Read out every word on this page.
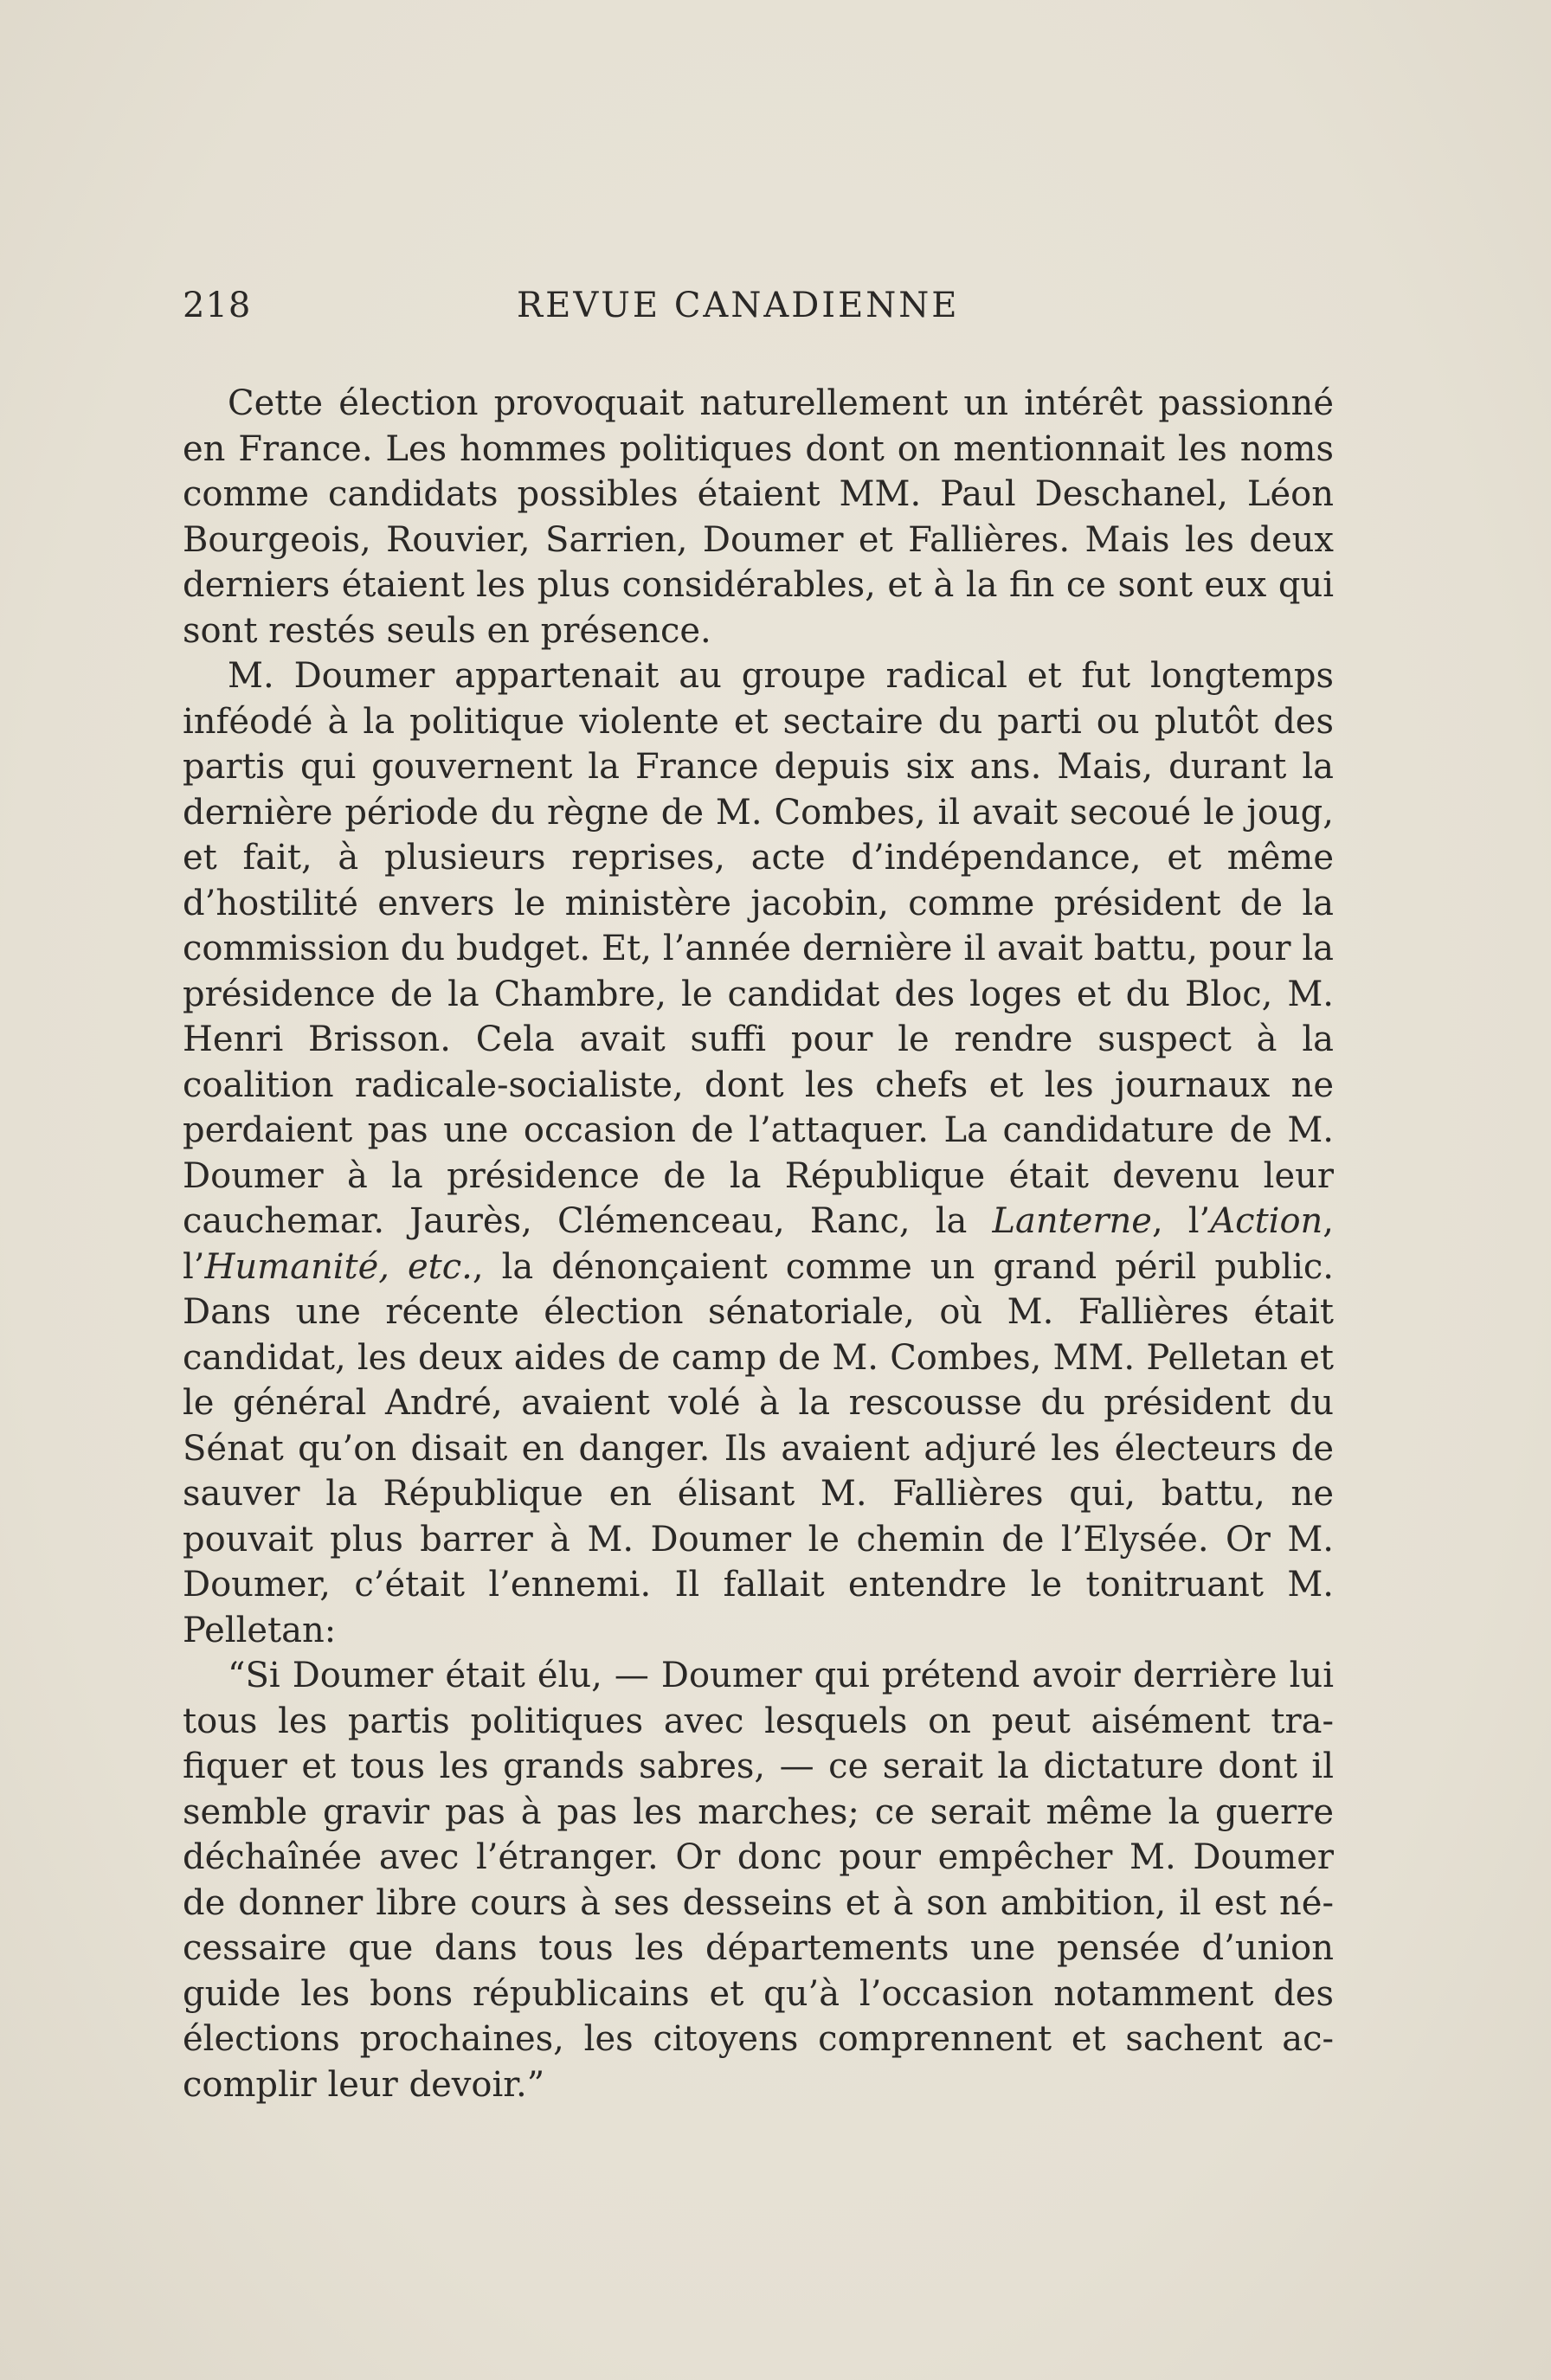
218	REVUE CANADIENNE

Cette élection provoquait naturellement un intérêt passionné en France. Les hommes politiques dont on mentionnait les noms comme candidats possibles étaient MM. Paul Deschanel, Léon Bourgeois, Rouvier, Sarrien, Doumer et Fallières. Mais les deux derniers étaient les plus considérables, et à la fin ce sont eux qui sont restés seuls en présence.

M. Doumer appartenait au groupe radical et fut longtemps inféodé à la politique violente et sectaire du parti ou plutôt des partis qui gouvernent la France depuis six ans. Mais, durant la dernière période du règne de M. Combes, il avait secoué le joug, et fait, à plusieurs reprises, acte d’indépendance, et même d’hostilité envers le ministère jacobin, comme président de la commission du budget. Et, l’année dernière il avait battu, pour la présidence de la Chambre, le candidat des loges et du Bloc, M. Henri Brisson. Cela avait suffi pour le rendre suspect à la coalition radicale-socialiste, dont les chefs et les journaux ne perdaient pas une occasion de l’attaquer. La candidature de M. Doumer à la présidence de la République était devenu leur cauchemar. Jaurès, Clémenceau, Ranc, la Lanterne, l’Action, l’Humanité, etc., la dénonçaient comme un grand péril public. Dans une récente élection sénatoriale, où M. Fallières était candidat, les deux aides de camp de M. Combes, MM. Pelletan et le général André, avaient volé à la rescousse du président du Sénat qu’on disait en danger. Ils avaient adjuré les électeurs de sauver la République en élisant M. Fallières qui, battu, ne pouvait plus barrer à M. Doumer le chemin de l’Elysée. Or M. Doumer, c’était l’ennemi. Il fallait entendre le tonitruant M. Pelletan:

“Si Doumer était élu, — Doumer qui prétend avoir derrière lui tous les partis politiques avec lesquels on peut aisément trafiquer et tous les grands sabres, — ce serait la dictature dont il semble gravir pas à pas les marches; ce serait même la guerre déchaînée avec l’étranger. Or donc pour empêcher M. Doumer de donner libre cours à ses desseins et à son ambition, il est nécessaire que dans tous les départements une pensée d’union guide les bons républicains et qu’à l’occasion notamment des élections prochaines, les citoyens comprennent et sachent accomplir leur devoir.”
